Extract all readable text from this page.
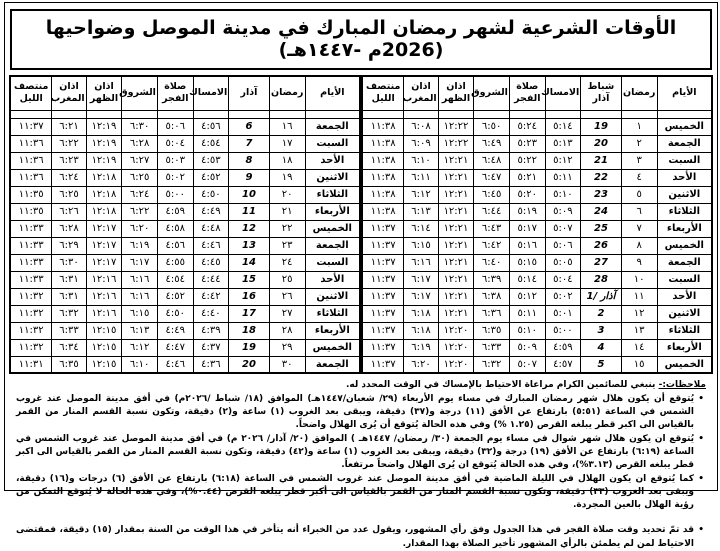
الأوقات الشرعية لشهر رمضان المبارك في مدينة الموصل وضواحيها (2026م -١٤٤٧هـ)
الأيام	رمضان	شباط آذار	الامساك	صلاة الفجر	الشروق	اذان الظهر	اذان المغرب	منتصف الليل

الخميس	١	19	٥:١٤	٥:٢٤	٦:٥٠	١٢:٢٢	٦:٠٨	١١:٣٨
الجمعة	٢	20	٥:١٣	٥:٢٣	٦:٤٩	١٢:٢٢	٦:٠٩	١١:٣٨
السبت	٣	21	٥:١٢	٥:٢٢	٦:٤٨	١٢:٢١	٦:١٠	١١:٣٨
الأحد	٤	22	٥:١١	٥:٢١	٦:٤٧	١٢:٢١	٦:١١	١١:٣٨
الاثنين	٥	23	٥:١٠	٥:٢٠	٦:٤٥	١٢:٢١	٦:١٢	١١:٣٨
الثلاثاء	٦	24	٥:٠٩	٥:١٩	٦:٤٤	١٢:٢١	٦:١٣	١١:٣٨
الأربعاء	٧	25	٥:٠٧	٥:١٧	٦:٤٣	١٢:٢١	٦:١٤	١١:٣٧
الخميس	٨	26	٥:٠٦	٥:١٦	٦:٤٢	١٢:٢١	٦:١٥	١١:٣٧
الجمعة	٩	27	٥:٠٥	٥:١٥	٦:٤٠	١٢:٢١	٦:١٦	١١:٣٧
السبت	١٠	28	٥:٠٤	٥:١٤	٦:٣٩	١٢:٢١	٦:١٧	١١:٣٧
الأحد	١١	1/ آذار	٥:٠٢	٥:١٢	٦:٣٨	١٢:٢١	٦:١٧	١١:٣٧
الاثنين	١٢	2	٥:٠١	٥:١١	٦:٣٦	١٢:٢١	٦:١٨	١١:٣٧
الثلاثاء	١٣	3	٥:٠٠	٥:١٠	٦:٣٥	١٢:٢٠	٦:١٨	١١:٣٧
الأربعاء	١٤	4	٤:٥٩	٥:٠٩	٦:٣٣	١٢:٢٠	٦:١٩	١١:٣٧
الخميس	١٥	5	٤:٥٧	٥:٠٧	٦:٣٢	١٢:٢٠	٦:٢٠	١١:٣٧
الأيام	رمضان	آذار	الامساك	صلاة الفجر	الشروق	اذان الظهر	اذان المغرب	منتصف الليل

الجمعة	١٦	6	٤:٥٦	٥:٠٦	٦:٣٠	١٢:١٩	٦:٢١	١١:٣٧
السبت	١٧	7	٤:٥٤	٥:٠٤	٦:٢٨	١٢:١٩	٦:٢٢	١١:٣٦
الأحد	١٨	8	٤:٥٣	٥:٠٣	٦:٢٧	١٢:١٩	٦:٢٣	١١:٣٦
الاثنين	١٩	9	٤:٥٢	٥:٠٢	٦:٢٥	١٢:١٨	٦:٢٤	١١:٣٦
الثلاثاء	٢٠	10	٤:٥٠	٥:٠٠	٦:٢٤	١٢:١٨	٦:٢٥	١١:٣٥
الأربعاء	٢١	11	٤:٤٩	٤:٥٩	٦:٢٢	١٢:١٨	٦:٢٦	١١:٣٥
الخميس	٢٢	12	٤:٤٨	٤:٥٨	٦:٢٠	١٢:١٧	٦:٢٨	١١:٣٣
الجمعة	٢٣	13	٤:٤٦	٤:٥٦	٦:١٩	١٢:١٧	٦:٢٩	١١:٣٣
السبت	٢٤	14	٤:٤٥	٤:٥٥	٦:١٧	١٢:١٧	٦:٣٠	١١:٣٣
الأحد	٢٥	15	٤:٤٤	٤:٥٤	٦:١٦	١٢:١٦	٦:٣١	١١:٣٣
الاثنين	٢٦	16	٤:٤٢	٤:٥٢	٦:١٦	١٢:١٦	٦:٣١	١١:٣٢
الثلاثاء	٢٧	17	٤:٤٠	٤:٥٠	٦:١٥	١٢:١٦	٦:٣٢	١١:٣٢
الأربعاء	٢٨	18	٤:٣٩	٤:٤٩	٦:١٣	١٢:١٥	٦:٣٣	١١:٣٢
الخميس	٢٩	19	٤:٣٧	٤:٤٧	٦:١٢	١٢:١٥	٦:٣٤	١١:٣٢
الجمعة	٣٠	20	٤:٣٦	٤:٤٦	٦:١٠	١٢:١٥	٦:٣٥	١١:٣١
ملاحظات:- ينبغي للصائمين الكرام مراعاة الاحتياط بالإمساك في الوقت المحدد له.
• يُتوقع أن يكون هلال شهر رمضان المبارك في مساء يوم الأربعاء (٢٩/ شعبان/١٤٤٧هـ) الموافق (١٨/ شباط /٢٠٢٦م) في أفق مدينة الموصل عند غروب الشمس في الساعة (٥:٥١) بارتفاع عن الأفق (١١) درجة و(٣٧) دقيقة، ويبقى بعد الغروب (١) ساعة و(٢) دقيقة، وتكون نسبة القسم المنار من القمر بالقياس الى اكبر قطر يبلغه القرص (١.٢٥ %) وفي هذه الحالة يُتوقع أن يُرى الهلال واضحاً.
• يُتوقع ان يكون هلال شهر شوال في مساء يوم الجمعة (٣٠/ رمضان/ ١٤٤٧هـ ) الموافق (٢٠/ آذار/ ٢٠٢٦ م) في أفق مدينة الموصل عند غروب الشمس في الساعة (٦:١٩) بارتفاع عن الأفق (١٩) درجة و(٣٢) دقيقة، ويبقى بعد الغروب (١) ساعة و(٤٢) دقيقة، وتكون نسبة القسم المنار من القمر بالقياس الى اكبر قطر يبلغه القرص (٣.١٣%)، وفي هذه الحالة يُتوقع ان يُرى الهلال واضحاً مرتفعاً.
• كما يُتوقع ان يكون الهلال في الليلة الماضية في أفق مدينة الموصل عند غروب الشمس في الساعة (٦:١٨) بارتفاع عن الأفق (٦) درجات و(١٦) دقيقة، ويبقى بعد الغروب (٣٣) دقيقة، وتكون نسبة القسم المنار من القمر بالقياس الى أكبر قطر يبلغه القرص (٠.٤٤%)، وفي هذه الحالة لا يُتوقع التمكن من رؤية الهلال بالعين المجردة.
• قد تمّ تحديد وقت صلاة الفجر في هذا الجدول وفق رأي المشهور، ويقول عدد من الخبراء أنه يتأخر في هذا الوقت من السنة بمقدار (١٥) دقيقة، فمقتضى الاحتياط لمن لم يطمئن بالرأي المشهور تأخير الصلاة بهذا المقدار.
